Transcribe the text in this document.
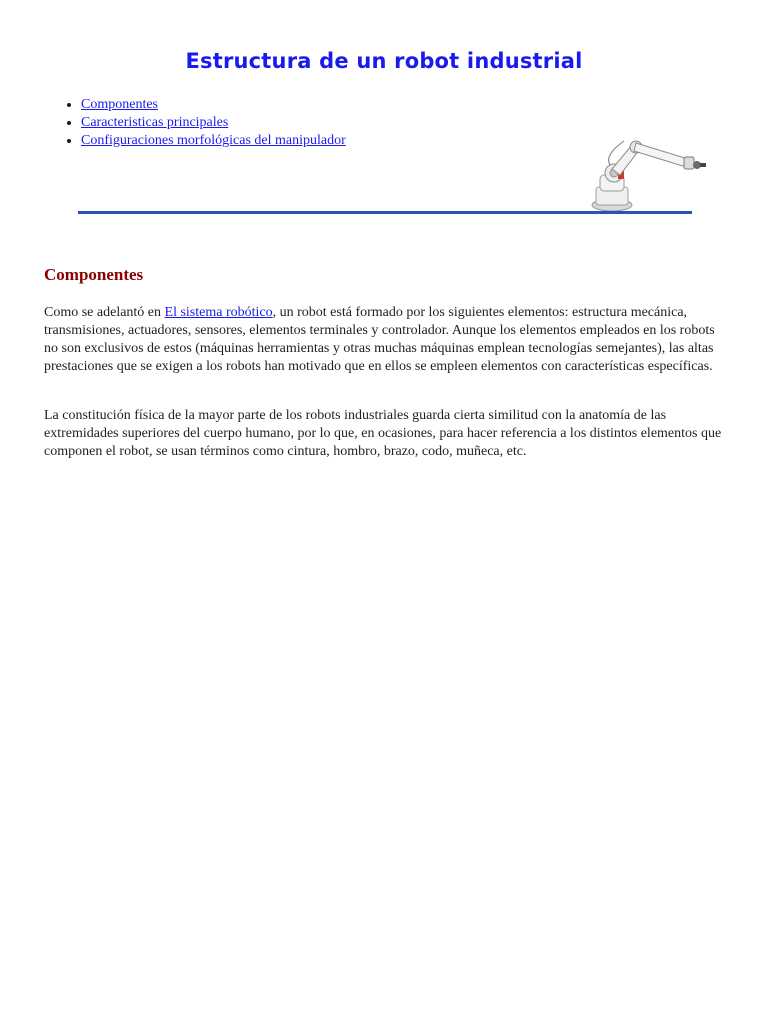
Estructura de un robot industrial
• Componentes
• Caracteristicas principales
• Configuraciones morfológicas del manipulador
Componentes

Como se adelantó en El sistema robótico, un robot está formado por los siguientes elementos: estructura mecánica, transmisiones, actuadores, sensores, elementos terminales y controlador. Aunque los elementos empleados en los robots no son exclusivos de estos (máquinas herramientas y otras muchas máquinas emplean tecnologías semejantes), las altas prestaciones que se exigen a los robots han motivado que en ellos se empleen elementos con características específicas.

La constitución física de la mayor parte de los robots industriales guarda cierta similitud con la anatomía de las extremidades superiores del cuerpo humano, por lo que, en ocasiones, para hacer referencia a los distintos elementos que componen el robot, se usan términos como cintura, hombro, brazo, codo, muñeca, etc.
